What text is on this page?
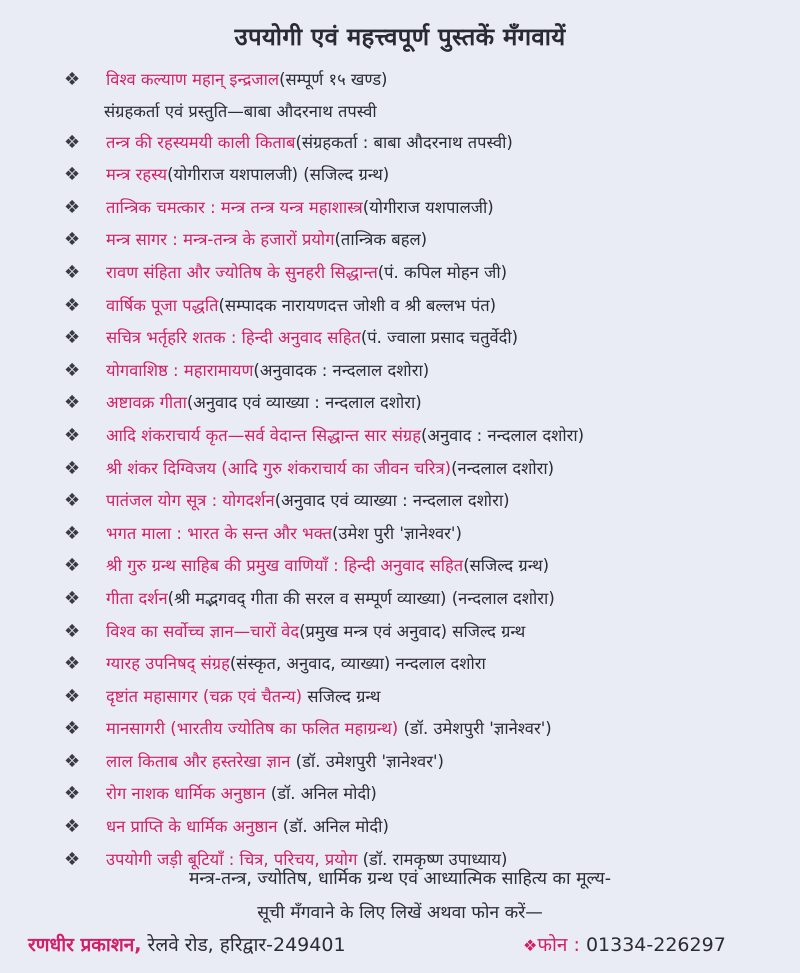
उपयोगी एवं महत्त्वपूर्ण पुस्तकें मँगवायें
❖	विश्व कल्याण महान् इन्द्रजाल(सम्पूर्ण १५ खण्ड)
संग्रहकर्ता एवं प्रस्तुति—बाबा औदरनाथ तपस्वी
❖	तन्त्र की रहस्यमयी काली किताब(संग्रहकर्ता : बाबा औदरनाथ तपस्वी)
❖	मन्त्र रहस्य(योगीराज यशपालजी) (सजिल्द ग्रन्थ)
❖	तान्त्रिक चमत्कार : मन्त्र तन्त्र यन्त्र महाशास्त्र(योगीराज यशपालजी)
❖	मन्त्र सागर : मन्त्र-तन्त्र के हजारों प्रयोग(तान्त्रिक बहल)
❖	रावण संहिता और ज्योतिष के सुनहरी सिद्धान्त(पं. कपिल मोहन जी)
❖	वार्षिक पूजा पद्धति(सम्पादक नारायणदत्त जोशी व श्री बल्लभ पंत)
❖	सचित्र भर्तृहरि शतक : हिन्दी अनुवाद सहित(पं. ज्वाला प्रसाद चतुर्वेदी)
❖	योगवाशिष्ठ : महारामायण(अनुवादक : नन्दलाल दशोरा)
❖	अष्टावक्र गीता(अनुवाद एवं व्याख्या : नन्दलाल दशोरा)
❖	आदि शंकराचार्य कृत—सर्व वेदान्त सिद्धान्त सार संग्रह(अनुवाद : नन्दलाल दशोरा)
❖	श्री शंकर दिग्विजय (आदि गुरु शंकराचार्य का जीवन चरित्र)(नन्दलाल दशोरा)
❖	पातंजल योग सूत्र : योगदर्शन(अनुवाद एवं व्याख्या : नन्दलाल दशोरा)
❖	भगत माला : भारत के सन्त और भक्त(उमेश पुरी 'ज्ञानेश्वर')
❖	श्री गुरु ग्रन्थ साहिब की प्रमुख वाणियाँ : हिन्दी अनुवाद सहित(सजिल्द ग्रन्थ)
❖	गीता दर्शन(श्री मद्भगवद् गीता की सरल व सम्पूर्ण व्याख्या) (नन्दलाल दशोरा)
❖	विश्व का सर्वोच्च ज्ञान—चारों वेद(प्रमुख मन्त्र एवं अनुवाद) सजिल्द ग्रन्थ
❖	ग्यारह उपनिषद् संग्रह(संस्कृत, अनुवाद, व्याख्या) नन्दलाल दशोरा
❖	दृष्टांत महासागर (चक्र एवं चैतन्य) सजिल्द ग्रन्थ
❖	मानसागरी (भारतीय ज्योतिष का फलित महाग्रन्थ) (डॉ. उमेशपुरी 'ज्ञानेश्वर')
❖	लाल किताब और हस्तरेखा ज्ञान (डॉ. उमेशपुरी 'ज्ञानेश्वर')
❖	रोग नाशक धार्मिक अनुष्ठान (डॉ. अनिल मोदी)
❖	धन प्राप्ति के धार्मिक अनुष्ठान (डॉ. अनिल मोदी)
❖	उपयोगी जड़ी बूटियाँ : चित्र, परिचय, प्रयोग (डॉ. रामकृष्ण उपाध्याय)
मन्त्र-तन्त्र, ज्योतिष, धार्मिक ग्रन्थ एवं आध्यात्मिक साहित्य का मूल्य-
सूची मँगवाने के लिए लिखें अथवा फोन करें—
रणधीर प्रकाशन, रेलवे रोड, हरिद्वार-249401	❖फोन : 01334-226297
